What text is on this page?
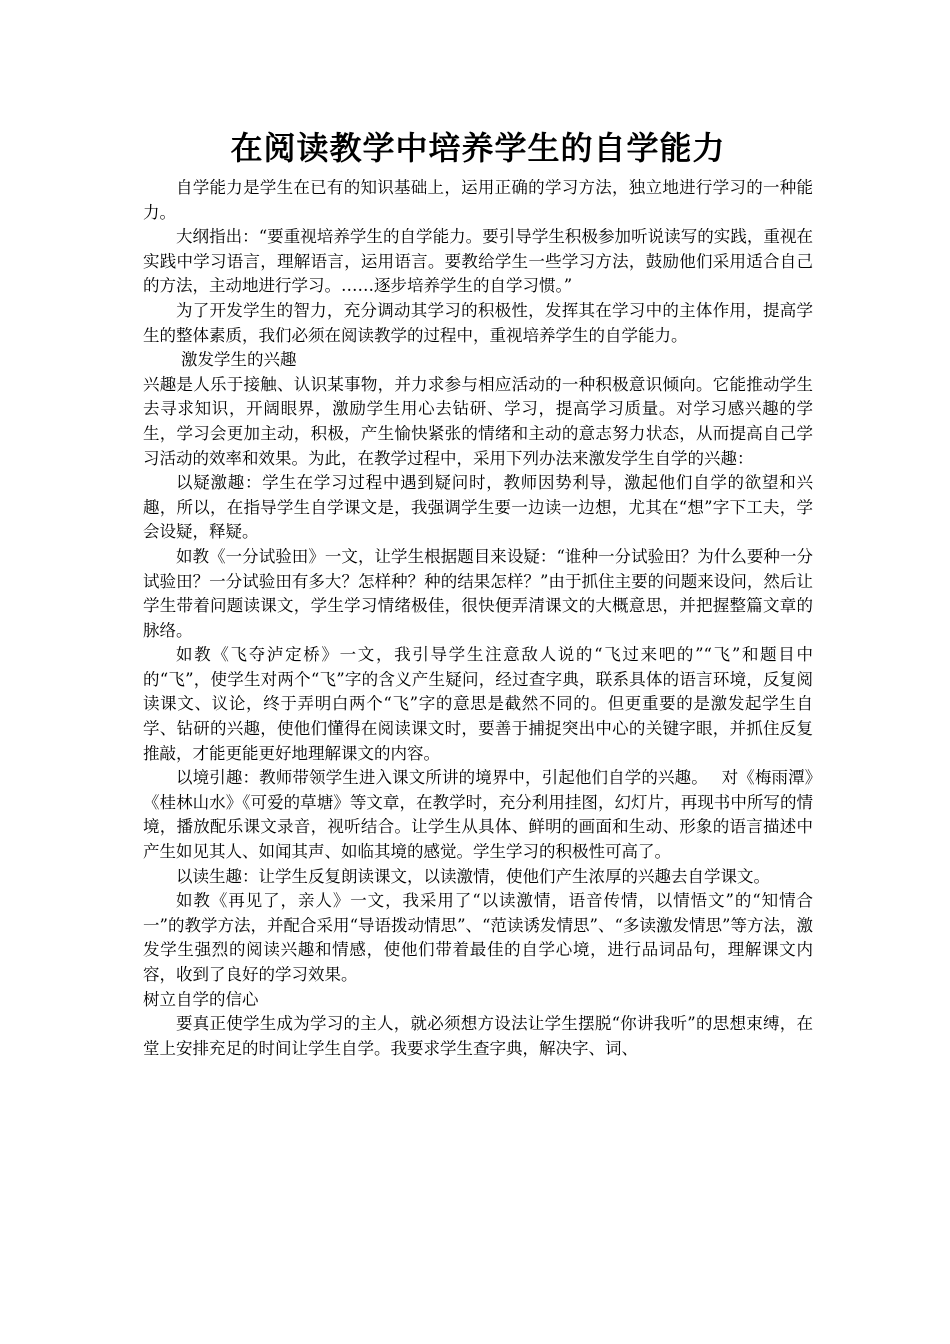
在阅读教学中培养学生的自学能力

自学能力是学生在已有的知识基础上，运用正确的学习方法，独立地进行学习的一种能力。

大纲指出：“要重视培养学生的自学能力。要引导学生积极参加听说读写的实践，重视在实践中学习语言，理解语言，运用语言。要教给学生一些学习方法，鼓励他们采用适合自己的方法，主动地进行学习。……逐步培养学生的自学习惯。”

为了开发学生的智力，充分调动其学习的积极性，发挥其在学习中的主体作用，提高学生的整体素质，我们必须在阅读教学的过程中，重视培养学生的自学能力。

激发学生的兴趣

兴趣是人乐于接触、认识某事物，并力求参与相应活动的一种积极意识倾向。它能推动学生去寻求知识，开阔眼界，激励学生用心去钻研、学习，提高学习质量。对学习感兴趣的学生，学习会更加主动，积极，产生愉快紧张的情绪和主动的意志努力状态，从而提高自己学习活动的效率和效果。为此，在教学过程中，采用下列办法来激发学生自学的兴趣：

以疑激趣：学生在学习过程中遇到疑问时，教师因势利导，激起他们自学的欲望和兴趣，所以，在指导学生自学课文是，我强调学生要一边读一边想，尤其在“想”字下工夫，学会设疑，释疑。

如教《一分试验田》一文，让学生根据题目来设疑：“谁种一分试验田？为什么要种一分试验田？一分试验田有多大？怎样种？种的结果怎样？”由于抓住主要的问题来设问，然后让学生带着问题读课文，学生学习情绪极佳，很快便弄清课文的大概意思，并把握整篇文章的脉络。

如教《飞夺泸定桥》一文，我引导学生注意敌人说的“飞过来吧的”“飞”和题目中的“飞”，使学生对两个“飞”字的含义产生疑问，经过查字典，联系具体的语言环境，反复阅读课文、议论，终于弄明白两个“飞”字的意思是截然不同的。但更重要的是激发起学生自学、钻研的兴趣，使他们懂得在阅读课文时，要善于捕捉突出中心的关键字眼，并抓住反复推敲，才能更能更好地理解课文的内容。

以境引趣：教师带领学生进入课文所讲的境界中，引起他们自学的兴趣。　 对《梅雨潭》《桂林山水》《可爱的草塘》等文章，在教学时，充分利用挂图，幻灯片，再现书中所写的情境，播放配乐课文录音，视听结合。让学生从具体、鲜明的画面和生动、形象的语言描述中产生如见其人、如闻其声、如临其境的感觉。学生学习的积极性可高了。

以读生趣：让学生反复朗读课文，以读激情，使他们产生浓厚的兴趣去自学课文。

如教《再见了，亲人》一文，我采用了“以读激情，语音传情，以情悟文”的“知情合一”的教学方法，并配合采用“导语拨动情思”、“范读诱发情思”、“多读激发情思”等方法，激发学生强烈的阅读兴趣和情感，使他们带着最佳的自学心境，进行品词品句，理解课文内容，收到了良好的学习效果。

树立自学的信心

要真正使学生成为学习的主人，就必须想方设法让学生摆脱“你讲我听”的思想束缚，在堂上安排充足的时间让学生自学。我要求学生查字典，解决字、词、
